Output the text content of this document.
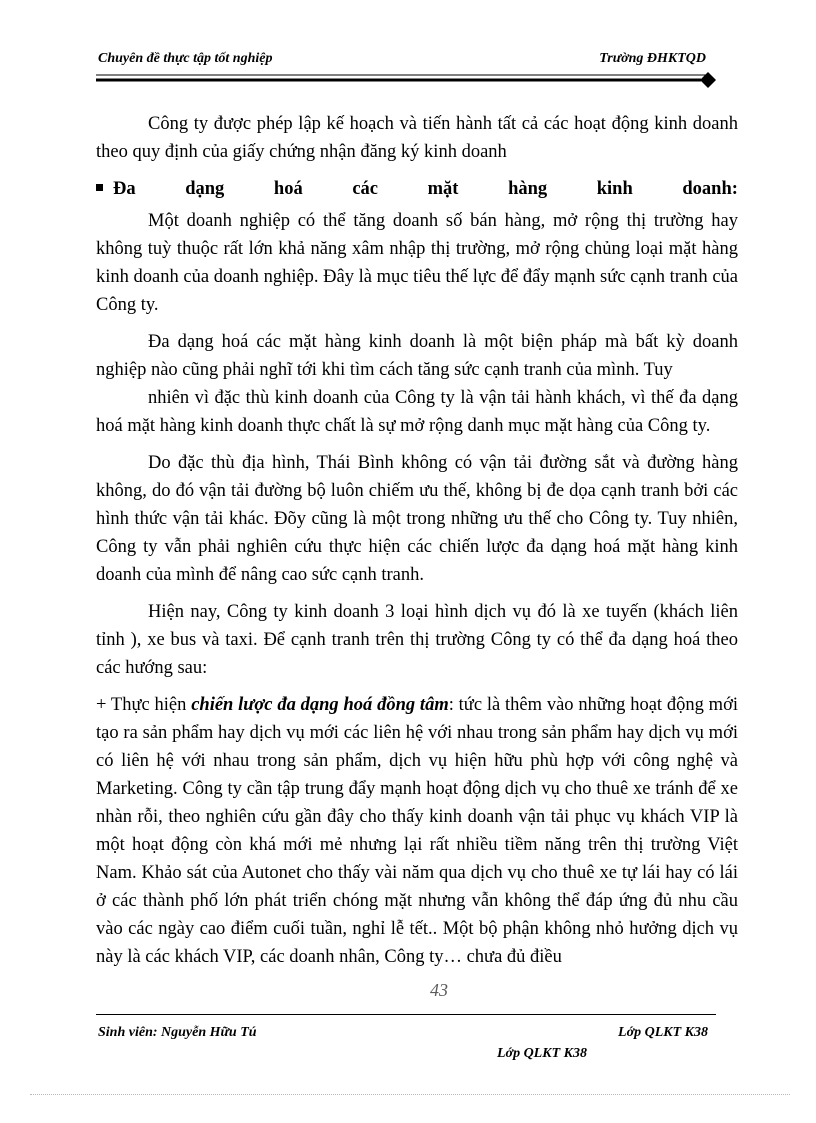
Chuyên đề thực tập tốt nghiệp	Trường ĐHKTQD

Công ty được phép lập kế hoạch và tiến hành tất cả các hoạt động kinh doanh theo quy định của giấy chứng nhận đăng ký kinh doanh

Đa	dạng	hoá	các	mặt	hàng	kinh	doanh:

Một doanh nghiệp có thể tăng doanh số bán hàng, mở rộng thị trường hay không tuỳ thuộc rất lớn khả năng xâm nhập thị trường, mở rộng chủng loại mặt hàng kinh doanh của doanh nghiệp. Đây là mục tiêu thế lực để đẩy mạnh sức cạnh tranh của Công ty.

Đa dạng hoá các mặt hàng kinh doanh là một biện pháp mà bất kỳ doanh nghiệp nào cũng phải nghĩ tới khi tìm cách tăng sức cạnh tranh của mình. Tuy

nhiên vì đặc thù kinh doanh của Công ty là vận tải hành khách, vì thế đa dạng hoá mặt hàng kinh doanh thực chất là sự mở rộng danh mục mặt hàng của Công ty.

Do đặc thù địa hình, Thái Bình không có vận tải đường sắt và đường hàng không, do đó vận tải đường bộ luôn chiếm ưu thế, không bị đe dọa cạnh tranh bởi các hình thức vận tải khác. Đõy cũng là một trong những ưu thế cho Công ty. Tuy nhiên, Công ty vẫn phải nghiên cứu thực hiện các chiến lược đa dạng hoá mặt hàng kinh doanh của mình để nâng cao sức cạnh tranh.

Hiện nay, Công ty kinh doanh 3 loại hình dịch vụ đó là xe tuyến (khách liên tỉnh ), xe bus và taxi. Để cạnh tranh trên thị trường Công ty có thể đa dạng hoá theo các hướng sau:

+ Thực hiện chiến lược đa dạng hoá đồng tâm: tức là thêm vào những hoạt động mới tạo ra sản phẩm hay dịch vụ mới các liên hệ với nhau trong sản phẩm hay dịch vụ mới có liên hệ với nhau trong sản phẩm, dịch vụ hiện hữu phù hợp với công nghệ và Marketing. Công ty cần tập trung đẩy mạnh hoạt động dịch vụ cho thuê xe tránh để xe nhàn rỗi, theo nghiên cứu gần đây cho thấy kinh doanh vận tải phục vụ khách VIP là một hoạt động còn khá mới mẻ nhưng lại rất nhiều tiềm năng trên thị trường Việt Nam. Khảo sát của Autonet cho thấy vài năm qua dịch vụ cho thuê xe tự lái hay có lái ở các thành phố lớn phát triển chóng mặt nhưng vẫn không thể đáp ứng đủ nhu cầu vào các ngày cao điểm cuối tuần, nghỉ lễ tết.. Một bộ phận không nhỏ hưởng dịch vụ này là các khách VIP, các doanh nhân, Công ty… chưa đủ điều

43
Sinh viên: Nguyễn Hữu Tú	Lớp QLKT K38
Lớp QLKT K38
